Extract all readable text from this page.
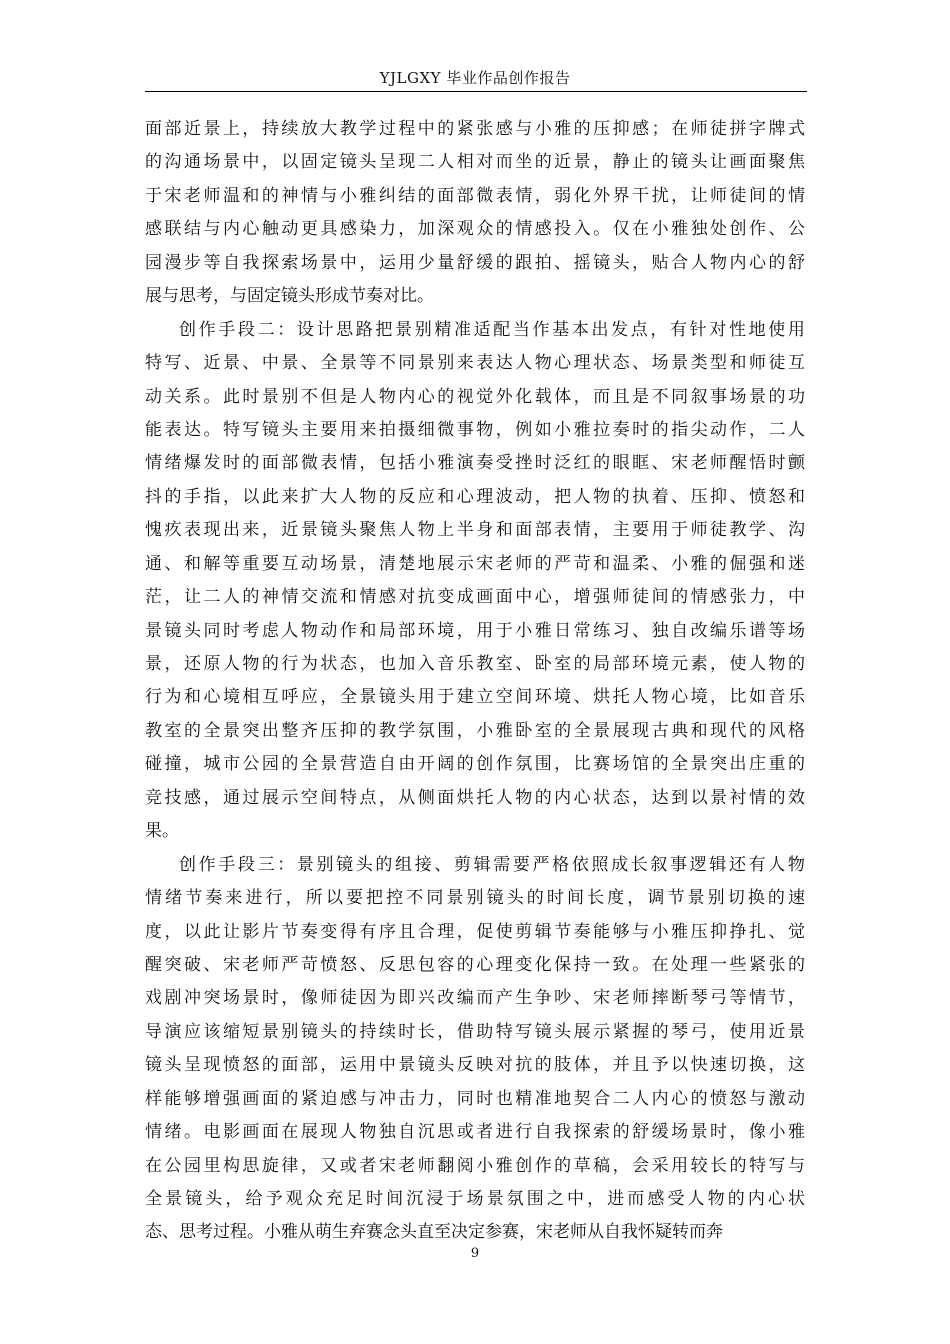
YJLGXY 毕业作品创作报告
面 部 近 景 上 ， 持 续 放 大 教 学 过 程 中 的 紧 张 感 与 小 雅 的 压 抑 感 ； 在 师 徒 拼 字 牌 式
的 沟 通 场 景 中 ， 以 固 定 镜 头 呈 现 二 人 相 对 而 坐 的 近 景 ， 静 止 的 镜 头 让 画 面 聚 焦
于 宋 老 师 温 和 的 神 情 与 小 雅 纠 结 的 面 部 微 表 情 ， 弱 化 外 界 干 扰 ， 让 师 徒 间 的 情
感 联 结 与 内 心 触 动 更 具 感 染 力 ， 加 深 观 众 的 情 感 投 入 。 仅 在 小 雅 独 处 创 作 、 公
园 漫 步 等 自 我 探 索 场 景 中 ， 运 用 少 量 舒 缓 的 跟 拍 、 摇 镜 头 ， 贴 合 人 物 内 心 的 舒
展与思考，与固定镜头形成节奏对比。
创 作 手 段 二 ： 设 计 思 路 把 景 别 精 准 适 配 当 作 基 本 出 发 点 ， 有 针 对 性 地 使 用
特 写 、 近 景 、 中 景 、 全 景 等 不 同 景 别 来 表 达 人 物 心 理 状 态 、 场 景 类 型 和 师 徒 互
动 关 系 。 此 时 景 别 不 但 是 人 物 内 心 的 视 觉 外 化 载 体 ， 而 且 是 不 同 叙 事 场 景 的 功
能 表 达 。 特 写 镜 头 主 要 用 来 拍 摄 细 微 事 物 ， 例 如 小 雅 拉 奏 时 的 指 尖 动 作 ， 二 人
情 绪 爆 发 时 的 面 部 微 表 情 ， 包 括 小 雅 演 奏 受 挫 时 泛 红 的 眼 眶 、 宋 老 师 醒 悟 时 颤
抖 的 手 指 ， 以 此 来 扩 大 人 物 的 反 应 和 心 理 波 动 ， 把 人 物 的 执 着 、 压 抑 、 愤 怒 和
愧 疚 表 现 出 来 ， 近 景 镜 头 聚 焦 人 物 上 半 身 和 面 部 表 情 ， 主 要 用 于 师 徒 教 学 、 沟
通 、 和 解 等 重 要 互 动 场 景 ， 清 楚 地 展 示 宋 老 师 的 严 苛 和 温 柔 、 小 雅 的 倔 强 和 迷
茫 ， 让 二 人 的 神 情 交 流 和 情 感 对 抗 变 成 画 面 中 心 ， 增 强 师 徒 间 的 情 感 张 力 ， 中
景 镜 头 同 时 考 虑 人 物 动 作 和 局 部 环 境 ， 用 于 小 雅 日 常 练 习 、 独 自 改 编 乐 谱 等 场
景 ， 还 原 人 物 的 行 为 状 态 ， 也 加 入 音 乐 教 室 、 卧 室 的 局 部 环 境 元 素 ， 使 人 物 的
行 为 和 心 境 相 互 呼 应 ， 全 景 镜 头 用 于 建 立 空 间 环 境 、 烘 托 人 物 心 境 ， 比 如 音 乐
教 室 的 全 景 突 出 整 齐 压 抑 的 教 学 氛 围 ， 小 雅 卧 室 的 全 景 展 现 古 典 和 现 代 的 风 格
碰 撞 ， 城 市 公 园 的 全 景 营 造 自 由 开 阔 的 创 作 氛 围 ， 比 赛 场 馆 的 全 景 突 出 庄 重 的
竞 技 感 ， 通 过 展 示 空 间 特 点 ， 从 侧 面 烘 托 人 物 的 内 心 状 态 ， 达 到 以 景 衬 情 的 效
果。
创 作 手 段 三 ： 景 别 镜 头 的 组 接 、 剪 辑 需 要 严 格 依 照 成 长 叙 事 逻 辑 还 有 人 物
情 绪 节 奏 来 进 行 ， 所 以 要 把 控 不 同 景 别 镜 头 的 时 间 长 度 ， 调 节 景 别 切 换 的 速
度 ， 以 此 让 影 片 节 奏 变 得 有 序 且 合 理 ， 促 使 剪 辑 节 奏 能 够 与 小 雅 压 抑 挣 扎 、 觉
醒 突 破 、 宋 老 师 严 苛 愤 怒 、 反 思 包 容 的 心 理 变 化 保 持 一 致 。 在 处 理 一 些 紧 张 的
戏 剧 冲 突 场 景 时 ， 像 师 徒 因 为 即 兴 改 编 而 产 生 争 吵 、 宋 老 师 摔 断 琴 弓 等 情 节 ，
导 演 应 该 缩 短 景 别 镜 头 的 持 续 时 长 ， 借 助 特 写 镜 头 展 示 紧 握 的 琴 弓 ， 使 用 近 景
镜 头 呈 现 愤 怒 的 面 部 ， 运 用 中 景 镜 头 反 映 对 抗 的 肢 体 ， 并 且 予 以 快 速 切 换 ， 这
样 能 够 增 强 画 面 的 紧 迫 感 与 冲 击 力 ， 同 时 也 精 准 地 契 合 二 人 内 心 的 愤 怒 与 激 动
情 绪 。 电 影 画 面 在 展 现 人 物 独 自 沉 思 或 者 进 行 自 我 探 索 的 舒 缓 场 景 时 ， 像 小 雅
在 公 园 里 构 思 旋 律 ， 又 或 者 宋 老 师 翻 阅 小 雅 创 作 的 草 稿 ， 会 采 用 较 长 的 特 写 与
全 景 镜 头 ， 给 予 观 众 充 足 时 间 沉 浸 于 场 景 氛 围 之 中 ， 进 而 感 受 人 物 的 内 心 状
态、思考过程。小雅从萌生弃赛念头直至决定参赛，宋老师从自我怀疑转而奔
9
